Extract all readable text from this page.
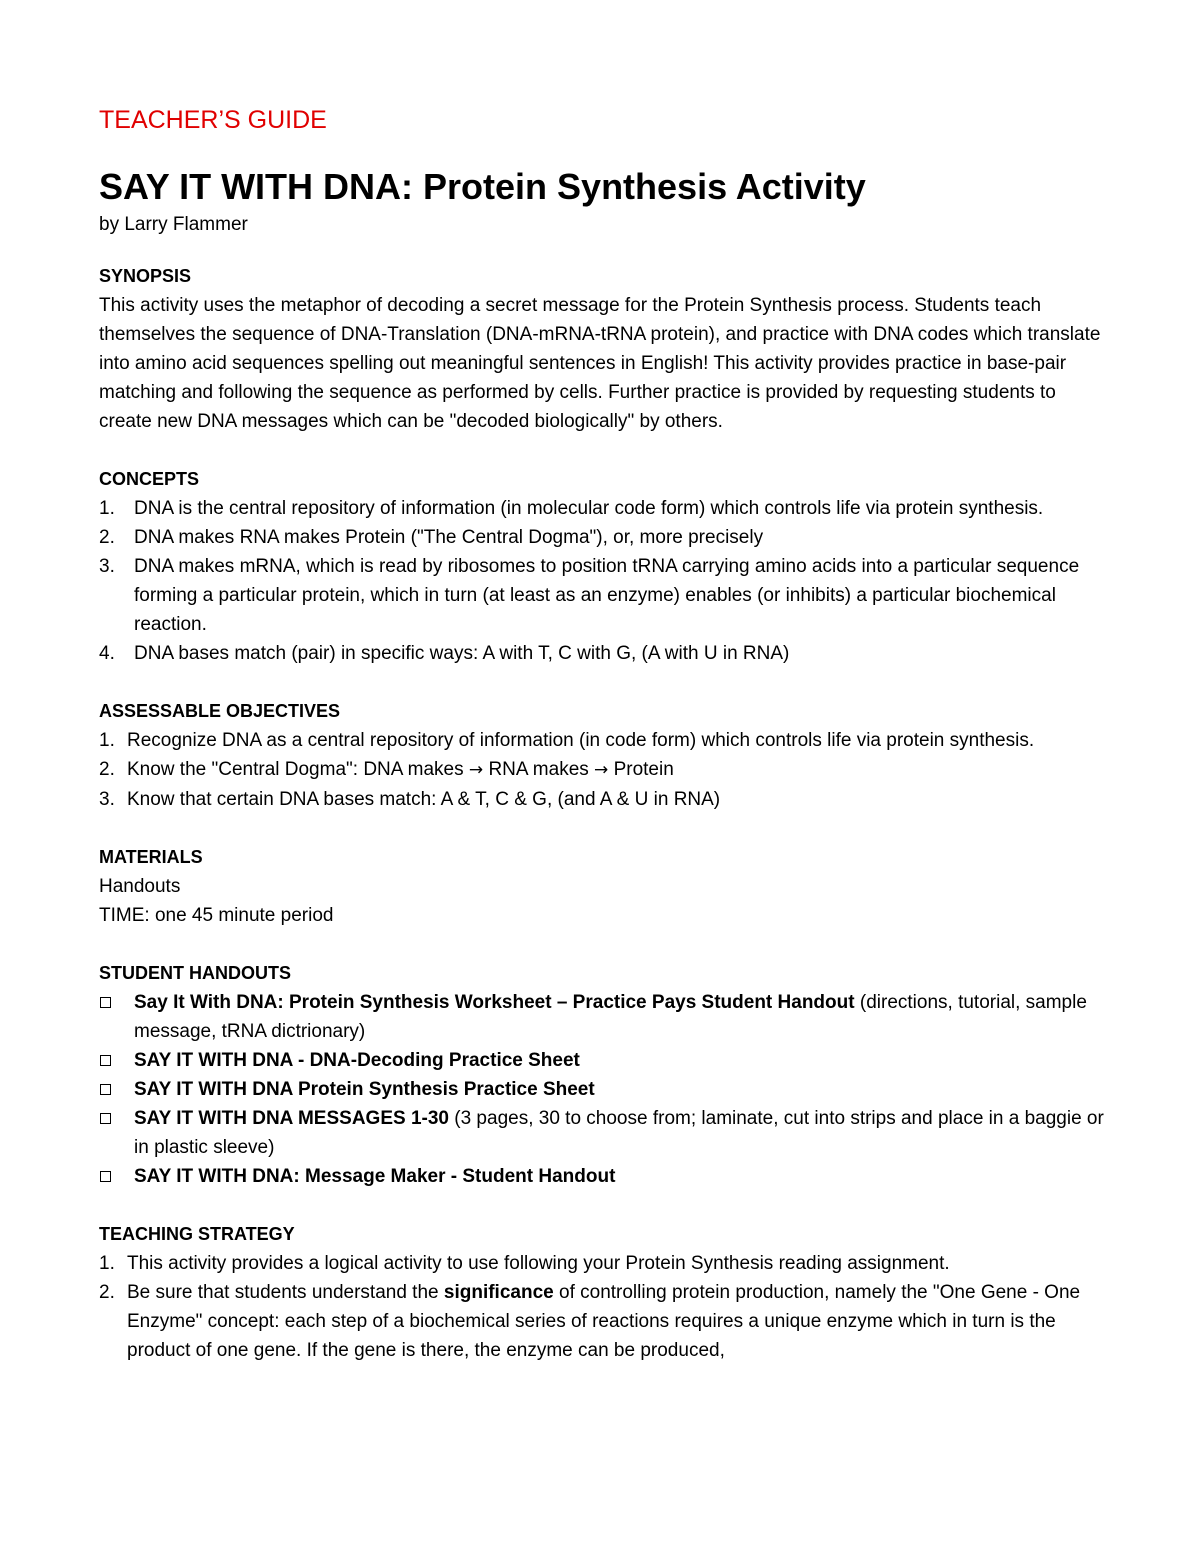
TEACHER’S GUIDE
SAY IT WITH DNA: Protein Synthesis Activity
by Larry Flammer
SYNOPSIS

This activity uses the metaphor of decoding a secret message for the Protein Synthesis process. Students teach themselves the sequence of DNA-Translation (DNA-mRNA-tRNA protein), and practice with DNA codes which translate into amino acid sequences spelling out meaningful sentences in English! This activity provides practice in base-pair matching and following the sequence as performed by cells. Further practice is provided by requesting students to create new DNA messages which can be "decoded biologically" by others.

CONCEPTS
1. DNA is the central repository of information (in molecular code form) which controls life via protein synthesis.
2. DNA makes RNA makes Protein ("The Central Dogma"), or, more precisely
3. DNA makes mRNA, which is read by ribosomes to position tRNA carrying amino acids into a particular sequence forming a particular protein, which in turn (at least as an enzyme) enables (or inhibits) a particular biochemical reaction.
4. DNA bases match (pair) in specific ways: A with T, C with G, (A with U in RNA)
ASSESSABLE OBJECTIVES
1. Recognize DNA as a central repository of information (in code form) which controls life via protein synthesis.
2. Know the "Central Dogma": DNA makes → RNA makes → Protein
3. Know that certain DNA bases match: A & T, C & G, (and A & U in RNA)
MATERIALS

Handouts

TIME: one 45 minute period

STUDENT HANDOUTS
Say It With DNA: Protein Synthesis Worksheet – Practice Pays Student Handout (directions, tutorial, sample message, tRNA dictrionary)
SAY IT WITH DNA - DNA-Decoding Practice Sheet
SAY IT WITH DNA Protein Synthesis Practice Sheet
SAY IT WITH DNA MESSAGES 1-30 (3 pages, 30 to choose from; laminate, cut into strips and place in a baggie or in plastic sleeve)
SAY IT WITH DNA: Message Maker - Student Handout
TEACHING STRATEGY
1. This activity provides a logical activity to use following your Protein Synthesis reading assignment.
2. Be sure that students understand the significance of controlling protein production, namely the "One Gene - One Enzyme" concept: each step of a biochemical series of reactions requires a unique enzyme which in turn is the product of one gene. If the gene is there, the enzyme can be produced,
